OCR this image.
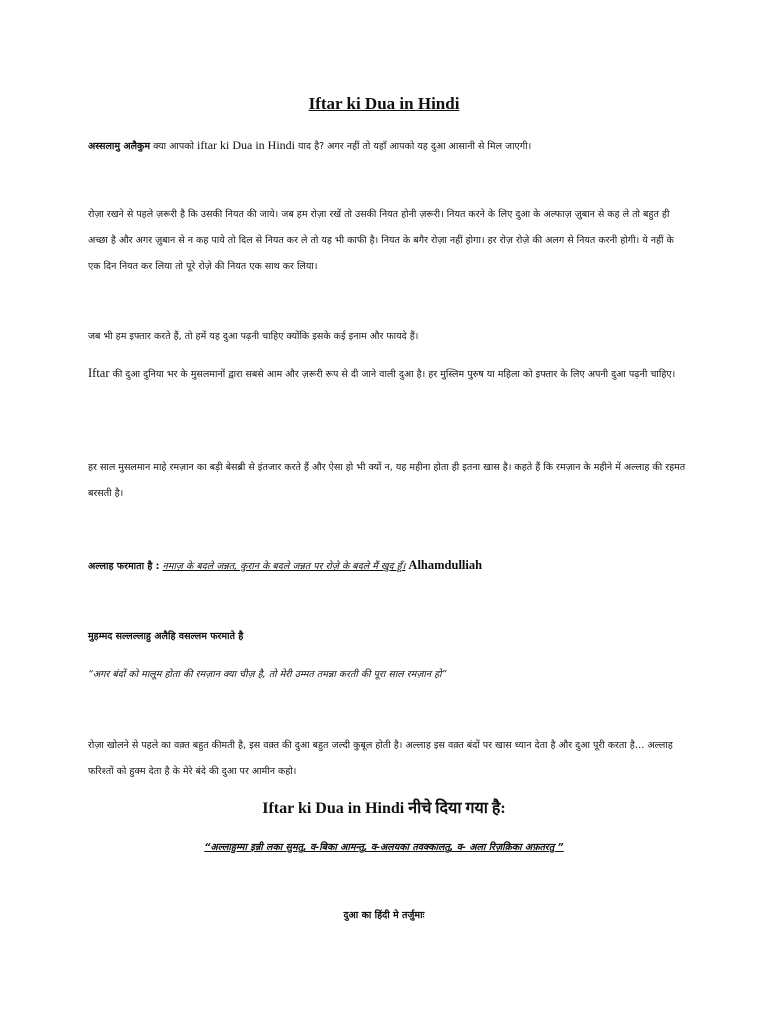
Iftar ki Dua in Hindi

अस्सलामु अलैकुम क्या आपको iftar ki Dua in Hindi याद है? अगर नहीं तो यहाँ आपको यह दुआ आसानी से मिल जाएगी।

रोज़ा रखने से पहले ज़रूरी है कि उसकी नियत की जाये। जब हम रोज़ा रखें तो उसकी नियत होनी ज़रूरी। नियत करने के लिए दुआ के अल्फाज़ ज़ुबान से कह ले तो बहुत ही अच्छा है और अगर ज़ुबान से न कह पाये तो दिल से नियत कर ले तो यह भी काफी है। नियत के बगैर रोज़ा नहीं होगा। हर रोज़ रोज़े की अलग से नियत करनी होगी। ये नहीं के एक दिन नियत कर लिया तो पूरे रोज़े की नियत एक साथ कर लिया।

जब भी हम इफ्तार करते हैं, तो हमें यह दुआ पढ़नी चाहिए क्योंकि इसके कई इनाम और फायदे हैं।

Iftar की दुआ दुनिया भर के मुसलमानों द्वारा सबसे आम और ज़रूरी रूप से दी जाने वाली दुआ है। हर मुस्लिम पुरुष या महिला को इफ्तार के लिए अपनी दुआ पढ़नी चाहिए।

हर साल मुसलमान माहे रमज़ान का बड़ी बेसब्री से इंतजार करते हैं और ऐसा हो भी क्यों न, यह महीना होता ही इतना खास है। कहते हैं कि रमज़ान के महीने में अल्लाह की रहमत बरसती है।

अल्लाह फरमाता है : नमाज़ के बदले जन्नत, कुरान के बदले जन्नत पर रोज़े के बदले मैं खुद हूँ। Alhamdulliah

मुहम्मद सल्लल्लाहु अलैहि वसल्लम फरमाते है

“अगर बंदों को मालूम होता की रमज़ान क्या चीज़ है, तो मेरी उम्मत तमन्ना करती की पूरा साल रमज़ान हो”

रोज़ा खोलने से पहले का वक़्त बहुत कीमती है, इस वक़्त की दुआ बहुत जल्दी कुबूल होती है। अल्लाह इस वक़्त बंदों पर खास ध्यान देता है और दुआ पूरी करता है… अल्लाह फरिश्तों को हुक्म देता है के मेरे बंदे की दुआ पर आमीन कहो।

Iftar ki Dua in Hindi नीचे दिया गया है:
“अल्लाहुम्मा इन्नी लका सुमतु, व-बिका आमन्तु, व-अलयका तवक्कालतु, व- अला रिज़क़िका अफ़तरतु ”
दुआ का हिंदी मे तर्जुमाः
